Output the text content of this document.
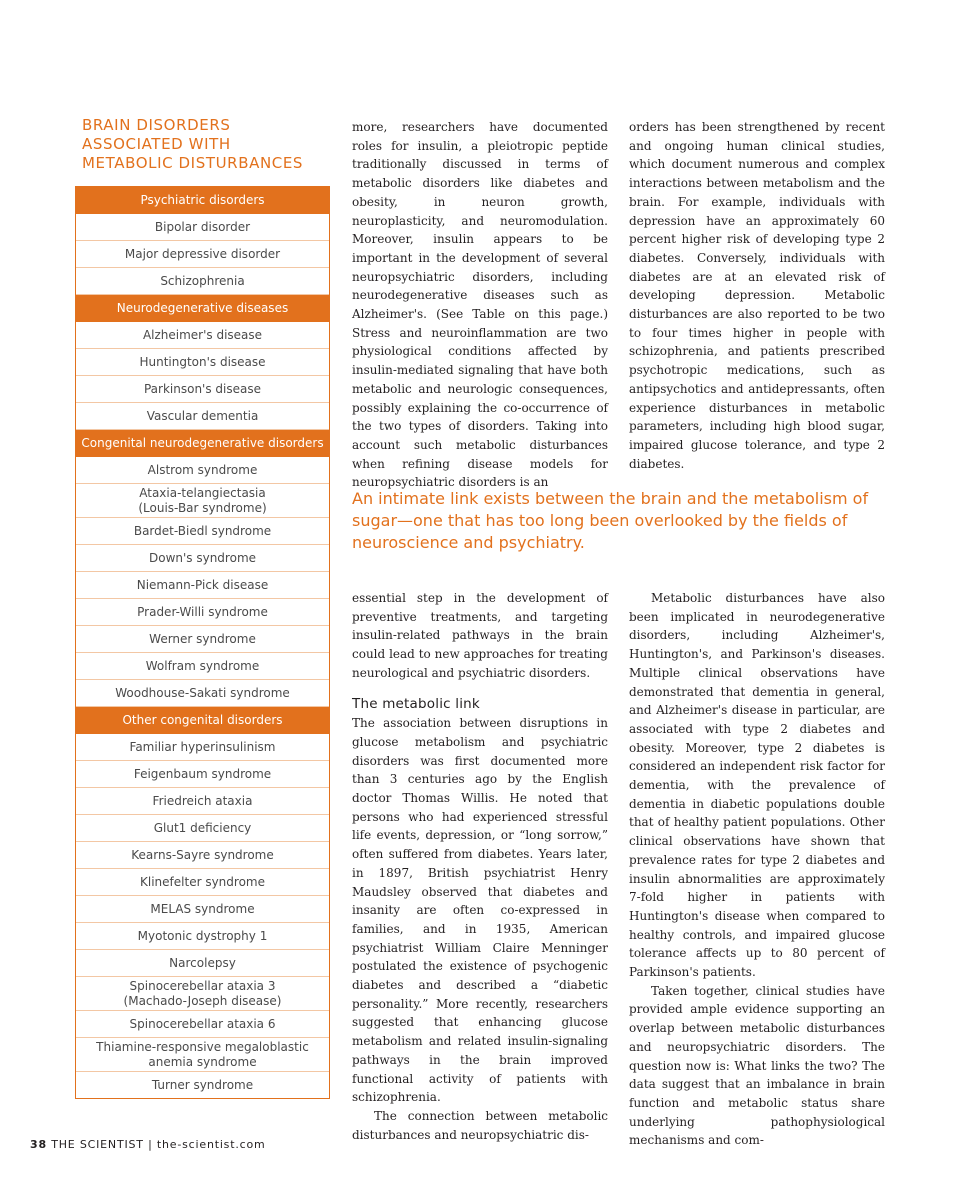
BRAIN DISORDERS
ASSOCIATED WITH
METABOLIC DISTURBANCES
Psychiatric disorders
Bipolar disorder
Major depressive disorder
Schizophrenia
Neurodegenerative diseases
Alzheimer's disease
Huntington's disease
Parkinson's disease
Vascular dementia
Congenital neurodegenerative disorders
Alstrom syndrome
Ataxia-telangiectasia
(Louis-Bar syndrome)
Bardet-Biedl syndrome
Down's syndrome
Niemann-Pick disease
Prader-Willi syndrome
Werner syndrome
Wolfram syndrome
Woodhouse-Sakati syndrome
Other congenital disorders
Familiar hyperinsulinism
Feigenbaum syndrome
Friedreich ataxia
Glut1 deficiency
Kearns-Sayre syndrome
Klinefelter syndrome
MELAS syndrome
Myotonic dystrophy 1
Narcolepsy
Spinocerebellar ataxia 3
(Machado-Joseph disease)
Spinocerebellar ataxia 6
Thiamine-responsive megaloblastic
anemia syndrome
Turner syndrome

more, researchers have documented roles for insulin, a pleiotropic peptide traditionally discussed in terms of metabolic disorders like diabetes and obesity, in neuron growth, neuroplasticity, and neuromodulation. Moreover, insulin appears to be important in the development of several neuropsychiatric disorders, including neurodegenerative diseases such as Alzheimer's. (See Table on this page.) Stress and neuroinflammation are two physiological conditions affected by insulin-mediated signaling that have both metabolic and neurologic consequences, possibly explaining the co-occurrence of the two types of disorders. Taking into account such metabolic disturbances when refining disease models for neuropsychiatric disorders is an

orders has been strengthened by recent and ongoing human clinical studies, which document numerous and complex interactions between metabolism and the brain. For example, individuals with depression have an approximately 60 percent higher risk of developing type 2 diabetes. Conversely, individuals with diabetes are at an elevated risk of developing depression. Metabolic disturbances are also reported to be two to four times higher in people with schizophrenia, and patients prescribed psychotropic medications, such as antipsychotics and antidepressants, often experience disturbances in metabolic parameters, including high blood sugar, impaired glucose tolerance, and type 2 diabetes.

An intimate link exists between the brain and the metabolism of sugar—one that has too long been overlooked by the fields of neuroscience and psychiatry.

essential step in the development of preventive treatments, and targeting insulin-related pathways in the brain could lead to new approaches for treating neurological and psychiatric disorders.

The metabolic link

The association between disruptions in glucose metabolism and psychiatric disorders was first documented more than 3 centuries ago by the English doctor Thomas Willis. He noted that persons who had experienced stressful life events, depression, or “long sorrow,” often suffered from diabetes. Years later, in 1897, British psychiatrist Henry Maudsley observed that diabetes and insanity are often co-expressed in families, and in 1935, American psychiatrist William Claire Menninger postulated the existence of psychogenic diabetes and described a “diabetic personality.” More recently, researchers suggested that enhancing glucose metabolism and related insulin-signaling pathways in the brain improved functional activity of patients with schizophrenia.

The connection between metabolic disturbances and neuropsychiatric dis-

Metabolic disturbances have also been implicated in neurodegenerative disorders, including Alzheimer's, Huntington's, and Parkinson's diseases. Multiple clinical observations have demonstrated that dementia in general, and Alzheimer's disease in particular, are associated with type 2 diabetes and obesity. Moreover, type 2 diabetes is considered an independent risk factor for dementia, with the prevalence of dementia in diabetic populations double that of healthy patient populations. Other clinical observations have shown that prevalence rates for type 2 diabetes and insulin abnormalities are approximately 7-fold higher in patients with Huntington's disease when compared to healthy controls, and impaired glucose tolerance affects up to 80 percent of Parkinson's patients.

Taken together, clinical studies have provided ample evidence supporting an overlap between metabolic disturbances and neuropsychiatric disorders. The question now is: What links the two? The data suggest that an imbalance in brain function and metabolic status share underlying pathophysiological mechanisms and com-

38 THE SCIENTIST | the-scientist.com
